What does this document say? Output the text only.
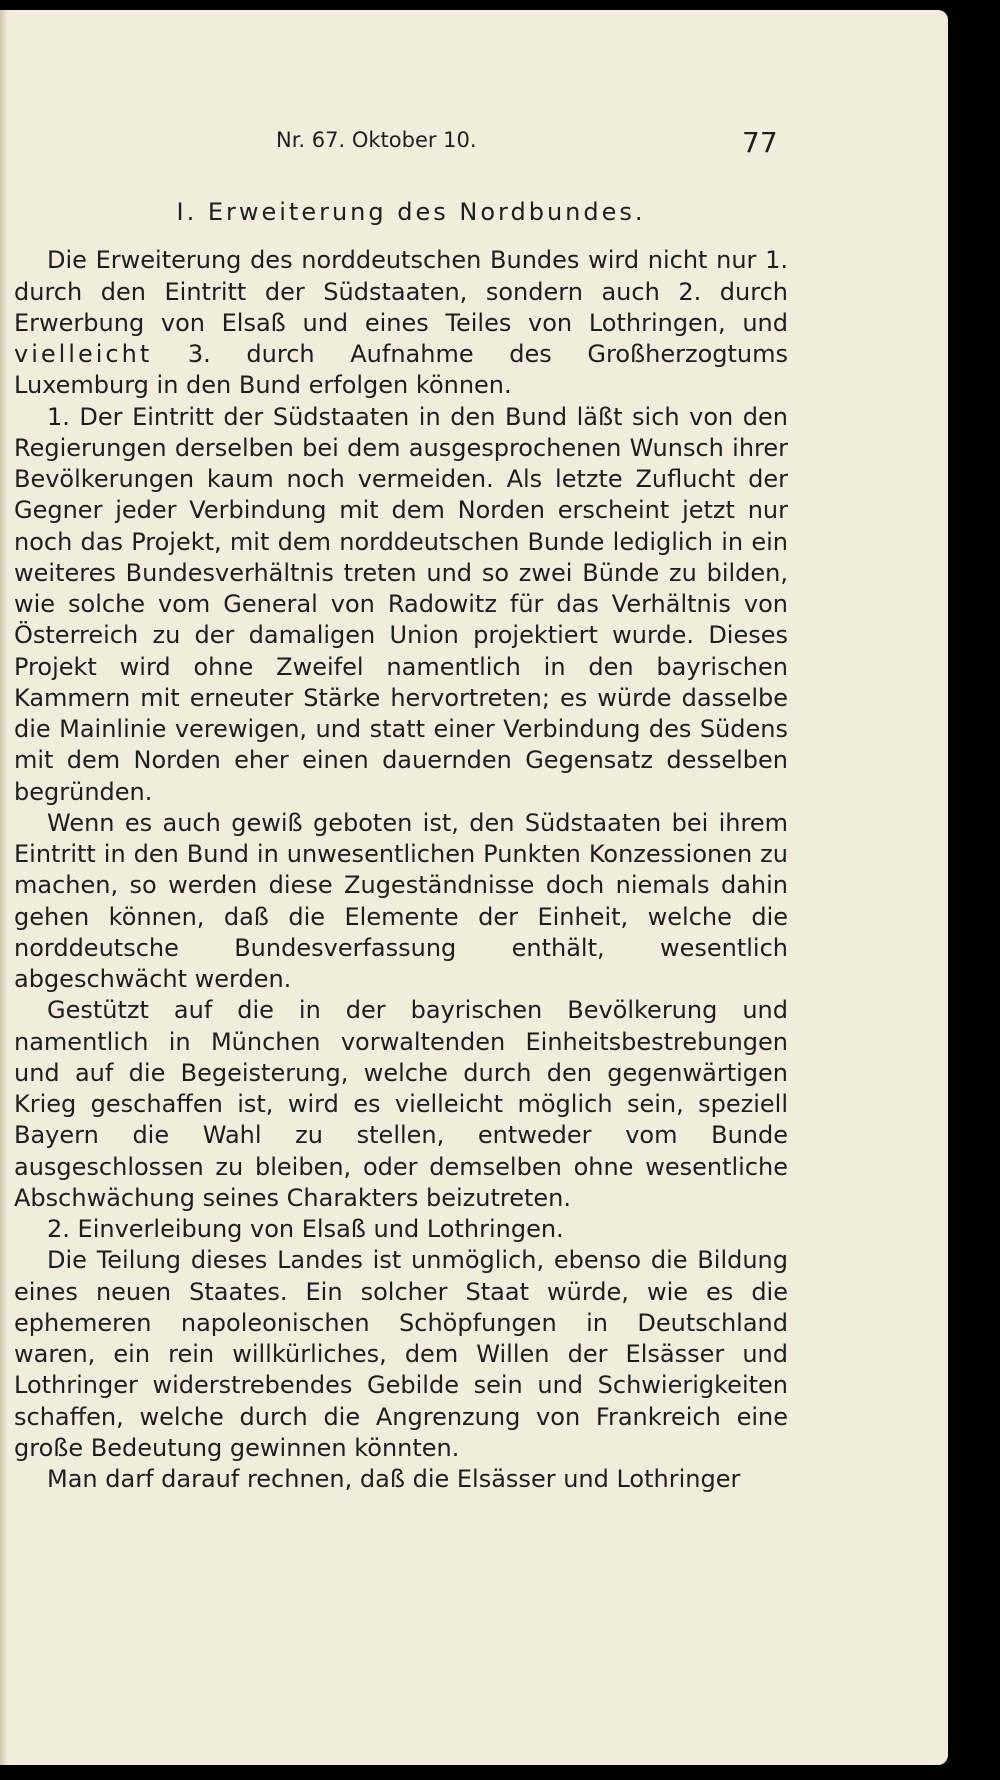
Nr. 67. Oktober 10.	77
I. Erweiterung des Nordbundes.

Die Erweiterung des norddeutschen Bundes wird nicht nur 1. durch den Eintritt der Südstaaten, sondern auch 2. durch Erwerbung von Elsaß und eines Teiles von Lothringen, und vielleicht 3. durch Aufnahme des Großherzogtums Luxemburg in den Bund erfolgen können.

1. Der Eintritt der Südstaaten in den Bund läßt sich von den Regierungen derselben bei dem ausgesprochenen Wunsch ihrer Bevölkerungen kaum noch vermeiden. Als letzte Zuflucht der Gegner jeder Verbindung mit dem Norden erscheint jetzt nur noch das Projekt, mit dem norddeutschen Bunde lediglich in ein weiteres Bundesverhältnis treten und so zwei Bünde zu bilden, wie solche vom General von Radowitz für das Verhältnis von Österreich zu der damaligen Union projektiert wurde. Dieses Projekt wird ohne Zweifel namentlich in den bayrischen Kammern mit erneuter Stärke hervortreten; es würde dasselbe die Mainlinie verewigen, und statt einer Verbindung des Südens mit dem Norden eher einen dauernden Gegensatz desselben begründen.

Wenn es auch gewiß geboten ist, den Südstaaten bei ihrem Eintritt in den Bund in unwesentlichen Punkten Konzessionen zu machen, so werden diese Zugeständnisse doch niemals dahin gehen können, daß die Elemente der Einheit, welche die norddeutsche Bundesverfassung enthält, wesentlich abgeschwächt werden.

Gestützt auf die in der bayrischen Bevölkerung und namentlich in München vorwaltenden Einheitsbestrebungen und auf die Begeisterung, welche durch den gegenwärtigen Krieg geschaffen ist, wird es vielleicht möglich sein, speziell Bayern die Wahl zu stellen, entweder vom Bunde ausgeschlossen zu bleiben, oder demselben ohne wesentliche Abschwächung seines Charakters beizutreten.

2. Einverleibung von Elsaß und Lothringen.

Die Teilung dieses Landes ist unmöglich, ebenso die Bildung eines neuen Staates. Ein solcher Staat würde, wie es die ephemeren napoleonischen Schöpfungen in Deutschland waren, ein rein willkürliches, dem Willen der Elsässer und Lothringer widerstrebendes Gebilde sein und Schwierigkeiten schaffen, welche durch die Angrenzung von Frankreich eine große Bedeutung gewinnen könnten.

Man darf darauf rechnen, daß die Elsässer und Lothringer
